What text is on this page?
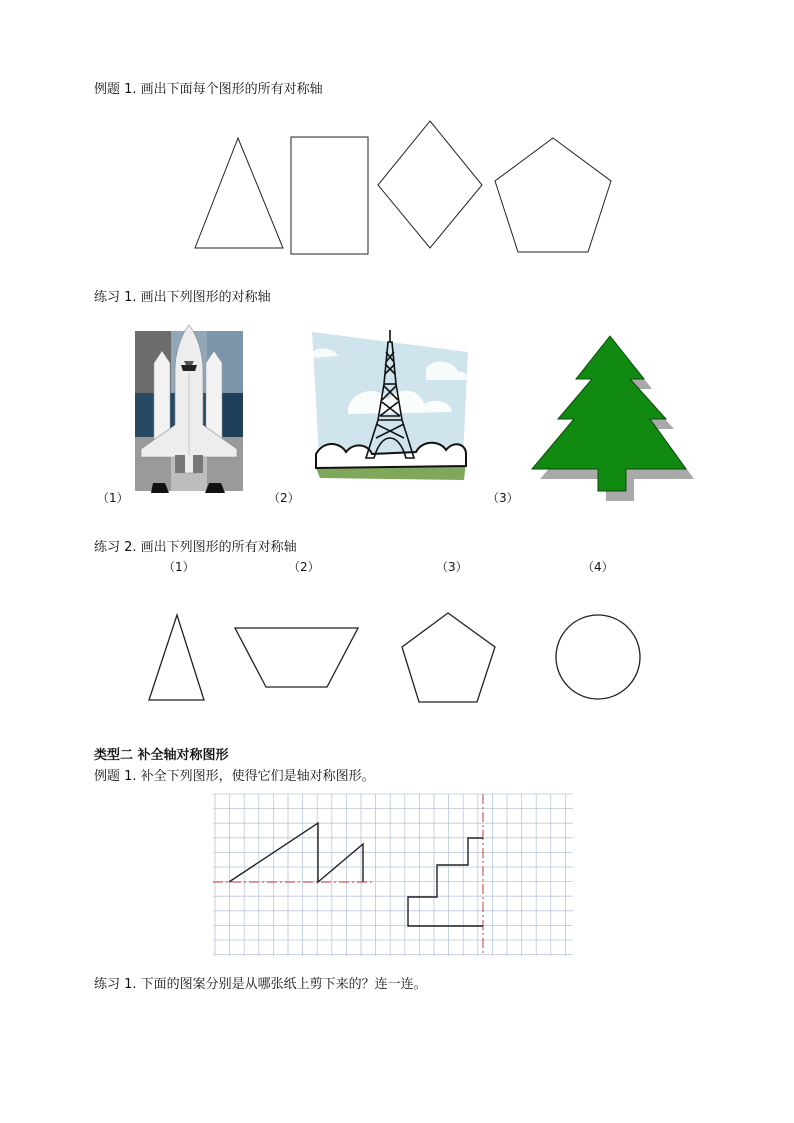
例题 1. 画出下面每个图形的所有对称轴
练习 1. 画出下列图形的对称轴
（1）	（2）	（3）
练习 2. 画出下列图形的所有对称轴
（1）	（2）	（3）	（4）
类型二 补全轴对称图形
例题 1. 补全下列图形，使得它们是轴对称图形。
练习 1. 下面的图案分别是从哪张纸上剪下来的？连一连。
